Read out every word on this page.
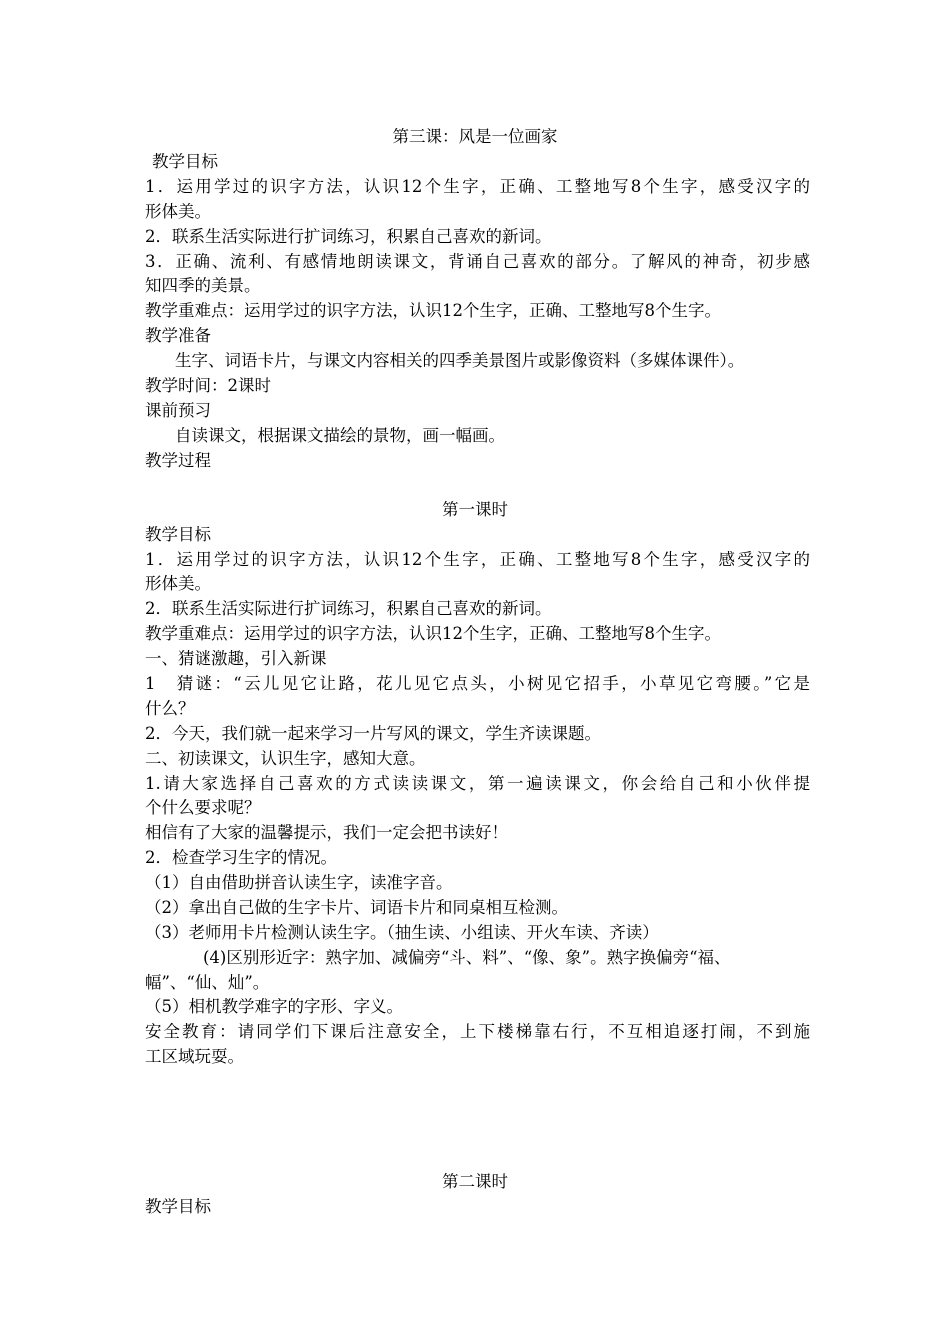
第三课：风是一位画家
教学目标
1．运用学过的识字方法，认识12个生字，正确、工整地写8个生字，感受汉字的
形体美。
2．联系生活实际进行扩词练习，积累自己喜欢的新词。
3．正确、流利、有感情地朗读课文，背诵自己喜欢的部分。了解风的神奇，初步感
知四季的美景。
教学重难点：运用学过的识字方法，认识12个生字，正确、工整地写8个生字。
教学准备
生字、词语卡片，与课文内容相关的四季美景图片或影像资料（多媒体课件）。
教学时间：2课时
课前预习
自读课文，根据课文描绘的景物，画一幅画。
教学过程
第一课时
教学目标
1．运用学过的识字方法，认识12个生字，正确、工整地写8个生字，感受汉字的
形体美。
2．联系生活实际进行扩词练习，积累自己喜欢的新词。
教学重难点：运用学过的识字方法，认识12个生字，正确、工整地写8个生字。
一、猜谜激趣，引入新课
1　猜谜：“云儿见它让路，花儿见它点头，小树见它招手，小草见它弯腰。”它是
什么？
2．今天，我们就一起来学习一片写风的课文，学生齐读课题。
二、初读课文，认识生字，感知大意。
1.请大家选择自己喜欢的方式读读课文，第一遍读课文，你会给自己和小伙伴提
个什么要求呢？
相信有了大家的温馨提示，我们一定会把书读好！
2．检查学习生字的情况。
（1）自由借助拼音认读生字，读准字音。
（2）拿出自己做的生字卡片、词语卡片和同桌相互检测。
（3）老师用卡片检测认读生字。（抽生读、小组读、开火车读、齐读）
(4)区别形近字：熟字加、减偏旁“斗、料”、“像、象”。熟字换偏旁“福、
幅”、“仙、灿”。
（5）相机教学难字的字形、字义。
安全教育：请同学们下课后注意安全，上下楼梯靠右行，不互相追逐打闹，不到施
工区域玩耍。
第二课时
教学目标
